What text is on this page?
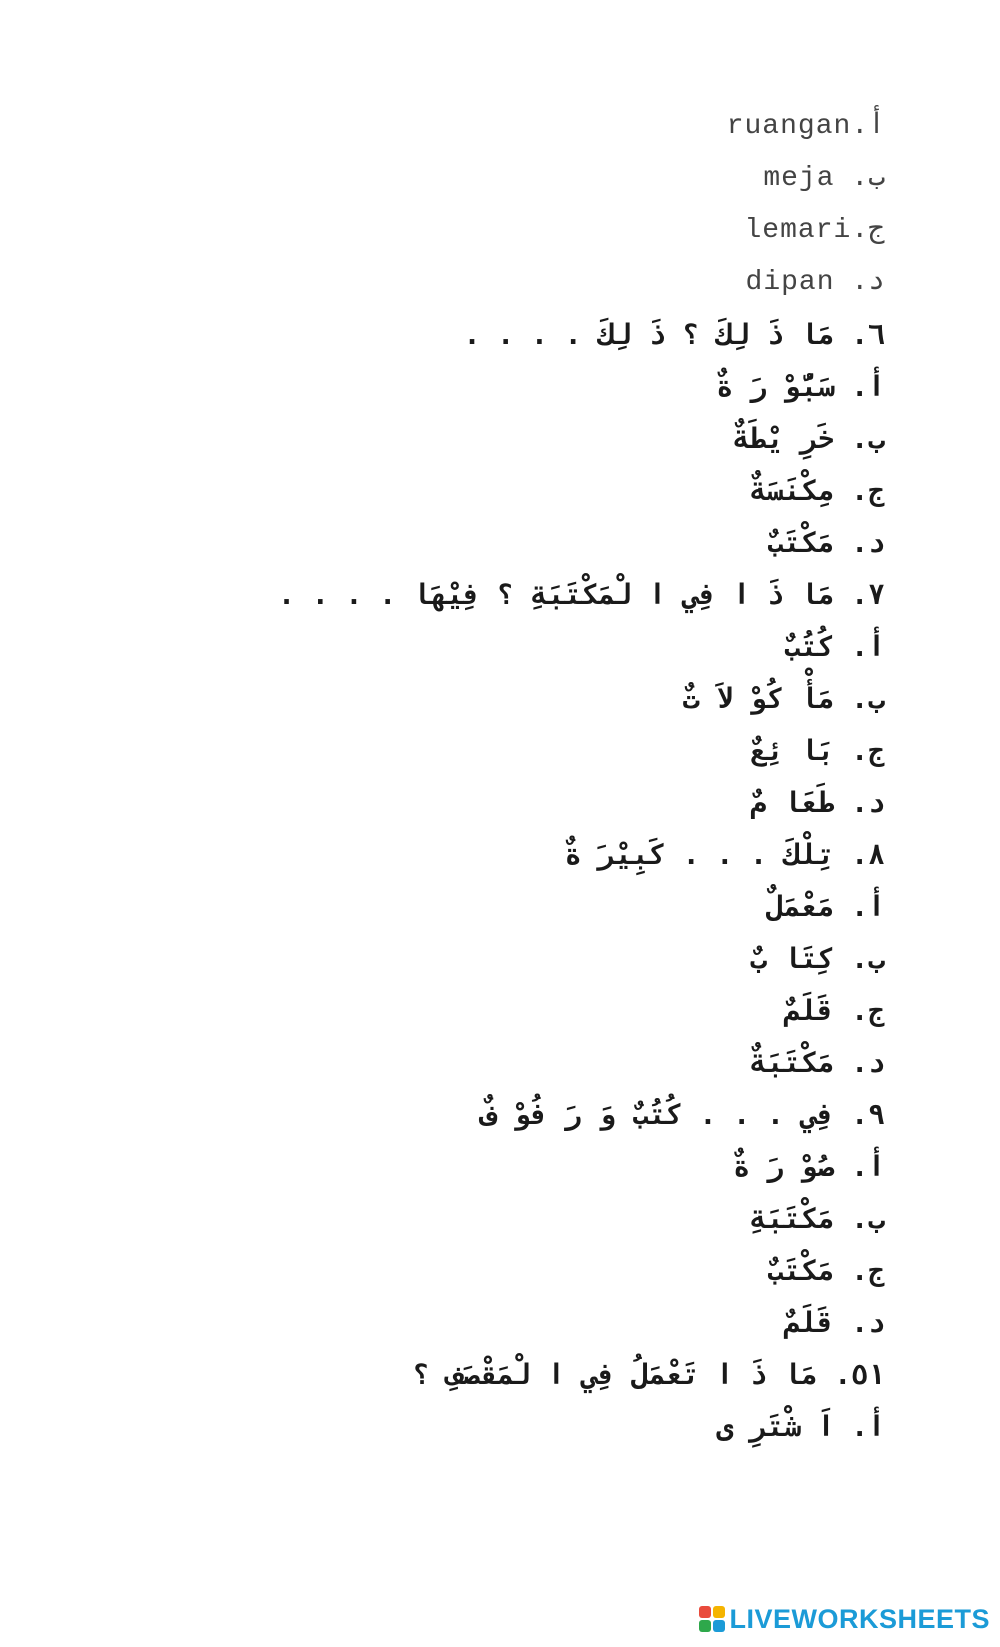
أ.ruangan
ب. meja
ج.lemari
د. dipan
٦. مَا ذَ لِكَ ؟ ذَ لِكَ . . . .
أ. سَبُّوْ رَ ةٌ
ب. خَرِ يْطَةٌ
ج. مِكْنَسَةٌ
د. مَكْتَبٌ
٧. مَا ذَ ا فِي ا لْمَكْتَبَةِ ؟ فِيْهَا . . . .
أ. كُتُبٌ
ب. مَأْ كُوْ لاَ تٌ
ج. بَا ئِعٌ
د. طَعَا مٌ
٨. تِلْكَ . . . كَبِيْرَ ةٌ
أ. مَعْمَلٌ
ب. كِتَا بٌ
ج. قَلَمٌ
د. مَكْتَبَةٌ
٩. فِي . . . كُتُبٌ وَ رَ فُوْ فٌ
أ. صُوْ رَ ةٌ
ب. مَكْتَبَةِ
ج. مَكْتَبٌ
د. قَلَمٌ
٥١. مَا ذَ ا تَعْمَلُ فِي ا لْمَقْصَفِ ؟
أ. اَ شْتَرِ ى
LIVEWORKSHEETS
